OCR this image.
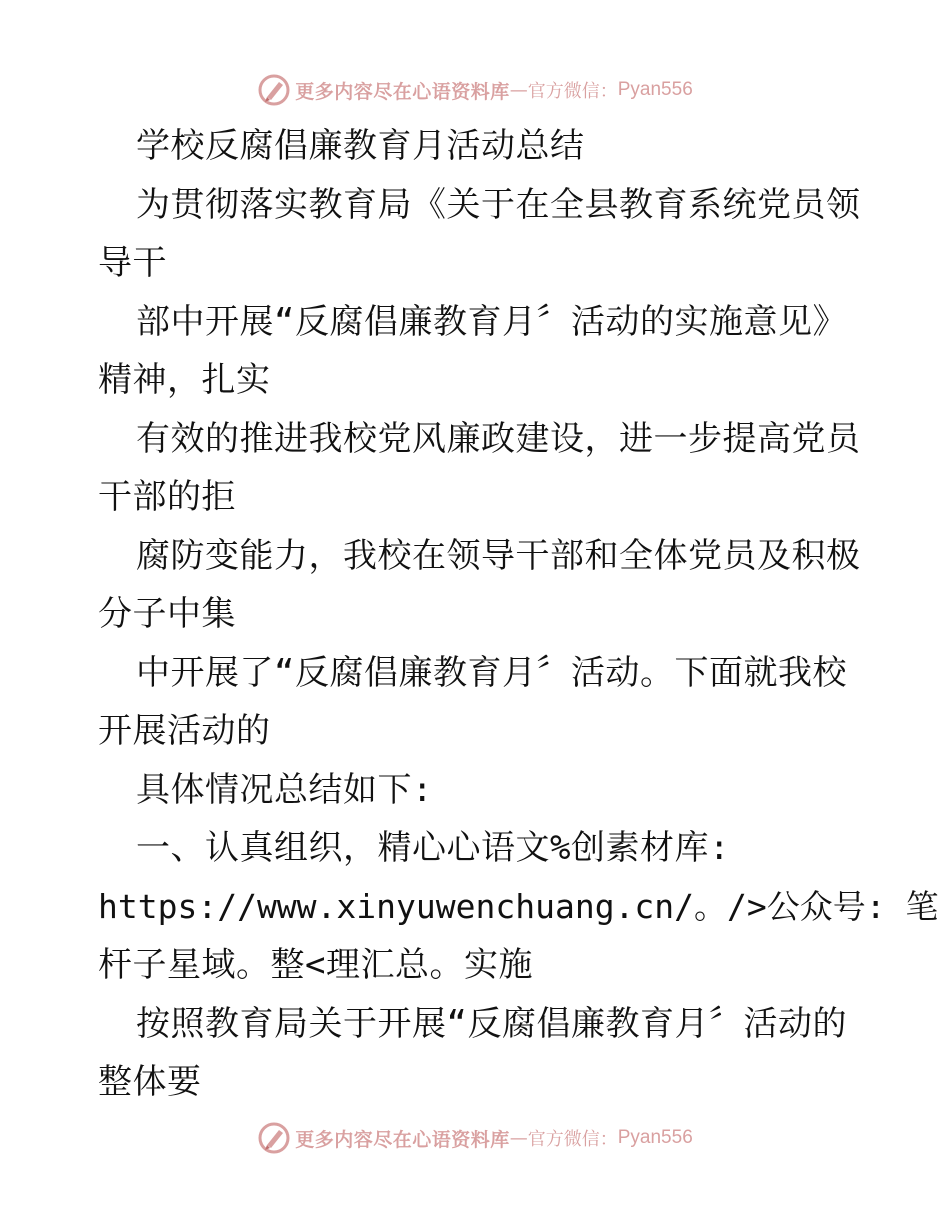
更多内容尽在心语资料库 — 官方微信： Pyan556
学校反腐倡廉教育月活动总结
为贯彻落实教育局《关于在全县教育系统党员领
导干
部中开展“反腐倡廉教育月〞活动的实施意见》
精神，扎实
有效的推进我校党风廉政建设，进一步提高党员
干部的拒
腐防变能力，我校在领导干部和全体党员及积极
分子中集
中开展了“反腐倡廉教育月〞活动。下面就我校
开展活动的
具体情况总结如下:
一、认真组织，精心心语文%创素材库:
https://www.xinyuwenchuang.cn/。/>公众号: 笔
杆子星域。整<理汇总。实施
按照教育局关于开展“反腐倡廉教育月〞活动的
整体要
更多内容尽在心语资料库 — 官方微信： Pyan556
